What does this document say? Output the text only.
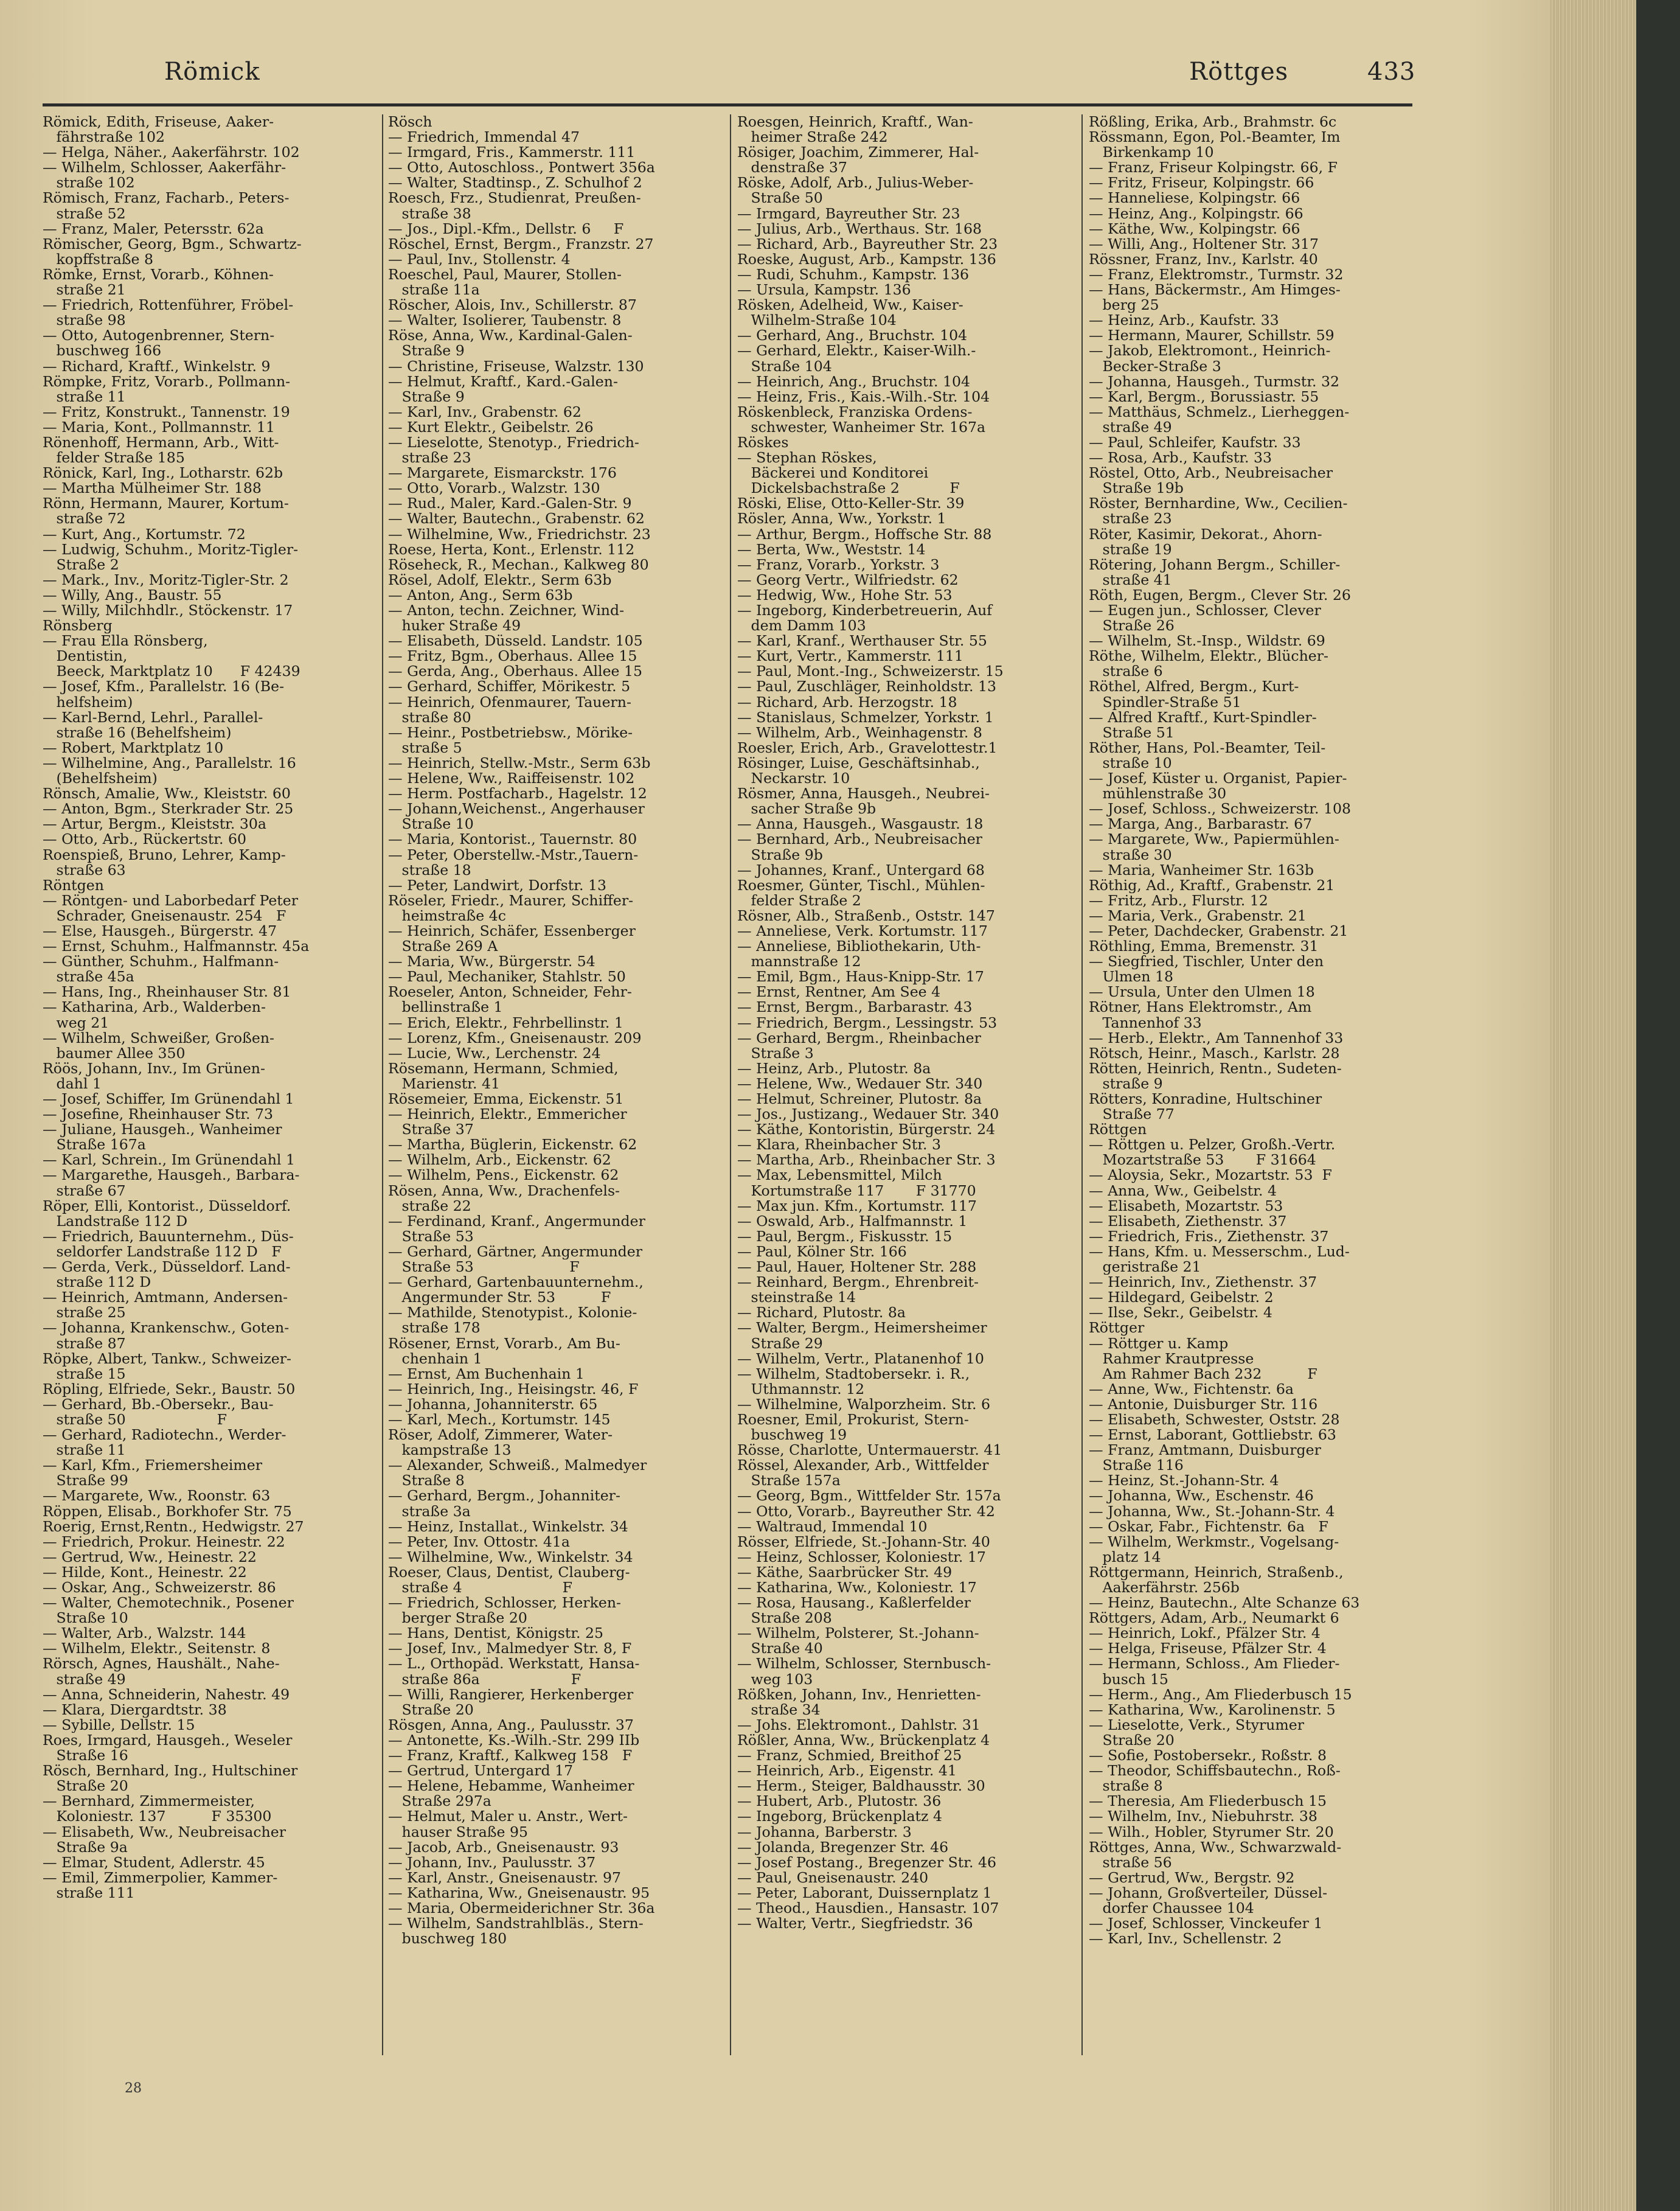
Römick	Röttges	433
Römick, Edith, Friseuse, Aaker-
fährstraße 102
— Helga, Näher., Aakerfährstr. 102
— Wilhelm, Schlosser, Aakerfähr-
straße 102
Römisch, Franz, Facharb., Peters-
straße 52
— Franz, Maler, Petersstr. 62a
Römischer, Georg, Bgm., Schwartz-
kopffstraße 8
Römke, Ernst, Vorarb., Köhnen-
straße 21
— Friedrich, Rottenführer, Fröbel-
straße 98
— Otto, Autogenbrenner, Stern-
buschweg 166
— Richard, Kraftf., Winkelstr. 9
Römpke, Fritz, Vorarb., Pollmann-
straße 11
— Fritz, Konstrukt., Tannenstr. 19
— Maria, Kont., Pollmannstr. 11
Rönenhoff, Hermann, Arb., Witt-
felder Straße 185
Rönick, Karl, Ing., Lotharstr. 62b
— Martha Mülheimer Str. 188
Rönn, Hermann, Maurer, Kortum-
straße 72
— Kurt, Ang., Kortumstr. 72
— Ludwig, Schuhm., Moritz-Tigler-
Straße 2
— Mark., Inv., Moritz-Tigler-Str. 2
— Willy, Ang., Baustr. 55
— Willy, Milchhdlr., Stöckenstr. 17
Rönsberg
— Frau Ella Rönsberg,
Dentistin,
Beeck, Marktplatz 10      F 42439
— Josef, Kfm., Parallelstr. 16 (Be-
helfsheim)
— Karl-Bernd, Lehrl., Parallel-
straße 16 (Behelfsheim)
— Robert, Marktplatz 10
— Wilhelmine, Ang., Parallelstr. 16
(Behelfsheim)
Rönsch, Amalie, Ww., Kleiststr. 60
— Anton, Bgm., Sterkrader Str. 25
— Artur, Bergm., Kleiststr. 30a
— Otto, Arb., Rückertstr. 60
Roenspieß, Bruno, Lehrer, Kamp-
straße 63
Röntgen
— Röntgen- und Laborbedarf Peter
Schrader, Gneisenaustr. 254   F
— Else, Hausgeh., Bürgerstr. 47
— Ernst, Schuhm., Halfmannstr. 45a
— Günther, Schuhm., Halfmann-
straße 45a
— Hans, Ing., Rheinhauser Str. 81
— Katharina, Arb., Walderben-
weg 21
— Wilhelm, Schweißer, Großen-
baumer Allee 350
Röös, Johann, Inv., Im Grünen-
dahl 1
— Josef, Schiffer, Im Grünendahl 1
— Josefine, Rheinhauser Str. 73
— Juliane, Hausgeh., Wanheimer
Straße 167a
— Karl, Schrein., Im Grünendahl 1
— Margarethe, Hausgeh., Barbara-
straße 67
Röper, Elli, Kontorist., Düsseldorf.
Landstraße 112 D
— Friedrich, Bauunternehm., Düs-
seldorfer Landstraße 112 D   F
— Gerda, Verk., Düsseldorf. Land-
straße 112 D
— Heinrich, Amtmann, Andersen-
straße 25
— Johanna, Krankenschw., Goten-
straße 87
Röpke, Albert, Tankw., Schweizer-
straße 15
Röpling, Elfriede, Sekr., Baustr. 50
— Gerhard, Bb.-Obersekr., Bau-
straße 50                    F
— Gerhard, Radiotechn., Werder-
straße 11
— Karl, Kfm., Friemersheimer
Straße 99
— Margarete, Ww., Roonstr. 63
Röppen, Elisab., Borkhofer Str. 75
Roerig, Ernst,Rentn., Hedwigstr. 27
— Friedrich, Prokur. Heinestr. 22
— Gertrud, Ww., Heinestr. 22
— Hilde, Kont., Heinestr. 22
— Oskar, Ang., Schweizerstr. 86
— Walter, Chemotechnik., Posener
Straße 10
— Walter, Arb., Walzstr. 144
— Wilhelm, Elektr., Seitenstr. 8
Rörsch, Agnes, Haushält., Nahe-
straße 49
— Anna, Schneiderin, Nahestr. 49
— Klara, Diergardtstr. 38
— Sybille, Dellstr. 15
Roes, Irmgard, Hausgeh., Weseler
Straße 16
Rösch, Bernhard, Ing., Hultschiner
Straße 20
— Bernhard, Zimmermeister,
Koloniestr. 137          F 35300
— Elisabeth, Ww., Neubreisacher
Straße 9a
— Elmar, Student, Adlerstr. 45
— Emil, Zimmerpolier, Kammer-
straße 111
Rösch
— Friedrich, Immendal 47
— Irmgard, Fris., Kammerstr. 111
— Otto, Autoschloss., Pontwert 356a
— Walter, Stadtinsp., Z. Schulhof 2
Roesch, Frz., Studienrat, Preußen-
straße 38
— Jos., Dipl.-Kfm., Dellstr. 6     F
Röschel, Ernst, Bergm., Franzstr. 27
— Paul, Inv., Stollenstr. 4
Roeschel, Paul, Maurer, Stollen-
straße 11a
Röscher, Alois, Inv., Schillerstr. 87
— Walter, Isolierer, Taubenstr. 8
Röse, Anna, Ww., Kardinal-Galen-
Straße 9
— Christine, Friseuse, Walzstr. 130
— Helmut, Kraftf., Kard.-Galen-
Straße 9
— Karl, Inv., Grabenstr. 62
— Kurt Elektr., Geibelstr. 26
— Lieselotte, Stenotyp., Friedrich-
straße 23
— Margarete, Eismarckstr. 176
— Otto, Vorarb., Walzstr. 130
— Rud., Maler, Kard.-Galen-Str. 9
— Walter, Bautechn., Grabenstr. 62
— Wilhelmine, Ww., Friedrichstr. 23
Roese, Herta, Kont., Erlenstr. 112
Röseheck, R., Mechan., Kalkweg 80
Rösel, Adolf, Elektr., Serm 63b
— Anton, Ang., Serm 63b
— Anton, techn. Zeichner, Wind-
huker Straße 49
— Elisabeth, Düsseld. Landstr. 105
— Fritz, Bgm., Oberhaus. Allee 15
— Gerda, Ang., Oberhaus. Allee 15
— Gerhard, Schiffer, Mörikestr. 5
— Heinrich, Ofenmaurer, Tauern-
straße 80
— Heinr., Postbetriebsw., Mörike-
straße 5
— Heinrich, Stellw.-Mstr., Serm 63b
— Helene, Ww., Raiffeisenstr. 102
— Herm. Postfacharb., Hagelstr. 12
— Johann,Weichenst., Angerhauser
Straße 10
— Maria, Kontorist., Tauernstr. 80
— Peter, Oberstellw.-Mstr.,Tauern-
straße 18
— Peter, Landwirt, Dorfstr. 13
Röseler, Friedr., Maurer, Schiffer-
heimstraße 4c
— Heinrich, Schäfer, Essenberger
Straße 269 A
— Maria, Ww., Bürgerstr. 54
— Paul, Mechaniker, Stahlstr. 50
Roeseler, Anton, Schneider, Fehr-
bellinstraße 1
— Erich, Elektr., Fehrbellinstr. 1
— Lorenz, Kfm., Gneisenaustr. 209
— Lucie, Ww., Lerchenstr. 24
Rösemann, Hermann, Schmied,
Marienstr. 41
Rösemeier, Emma, Eickenstr. 51
— Heinrich, Elektr., Emmericher
Straße 37
— Martha, Büglerin, Eickenstr. 62
— Wilhelm, Arb., Eickenstr. 62
— Wilhelm, Pens., Eickenstr. 62
Rösen, Anna, Ww., Drachenfels-
straße 22
— Ferdinand, Kranf., Angermunder
Straße 53
— Gerhard, Gärtner, Angermunder
Straße 53                     F
— Gerhard, Gartenbauunternehm.,
Angermunder Str. 53          F
— Mathilde, Stenotypist., Kolonie-
straße 178
Rösener, Ernst, Vorarb., Am Bu-
chenhain 1
— Ernst, Am Buchenhain 1
— Heinrich, Ing., Heisingstr. 46, F
— Johanna, Johanniterstr. 65
— Karl, Mech., Kortumstr. 145
Röser, Adolf, Zimmerer, Water-
kampstraße 13
— Alexander, Schweiß., Malmedyer
Straße 8
— Gerhard, Bergm., Johanniter-
straße 3a
— Heinz, Installat., Winkelstr. 34
— Peter, Inv. Ottostr. 41a
— Wilhelmine, Ww., Winkelstr. 34
Roeser, Claus, Dentist, Clauberg-
straße 4                      F
— Friedrich, Schlosser, Herken-
berger Straße 20
— Hans, Dentist, Königstr. 25
— Josef, Inv., Malmedyer Str. 8, F
— L., Orthopäd. Werkstatt, Hansa-
straße 86a                    F
— Willi, Rangierer, Herkenberger
Straße 20
Rösgen, Anna, Ang., Paulusstr. 37
— Antonette, Ks.-Wilh.-Str. 299 IIb
— Franz, Kraftf., Kalkweg 158   F
— Gertrud, Untergard 17
— Helene, Hebamme, Wanheimer
Straße 297a
— Helmut, Maler u. Anstr., Wert-
hauser Straße 95
— Jacob, Arb., Gneisenaustr. 93
— Johann, Inv., Paulusstr. 37
— Karl, Anstr., Gneisenaustr. 97
— Katharina, Ww., Gneisenaustr. 95
— Maria, Obermeiderichner Str. 36a
— Wilhelm, Sandstrahlbläs., Stern-
buschweg 180
Roesgen, Heinrich, Kraftf., Wan-
heimer Straße 242
Rösiger, Joachim, Zimmerer, Hal-
denstraße 37
Röske, Adolf, Arb., Julius-Weber-
Straße 50
— Irmgard, Bayreuther Str. 23
— Julius, Arb., Werthaus. Str. 168
— Richard, Arb., Bayreuther Str. 23
Roeske, August, Arb., Kampstr. 136
— Rudi, Schuhm., Kampstr. 136
— Ursula, Kampstr. 136
Rösken, Adelheid, Ww., Kaiser-
Wilhelm-Straße 104
— Gerhard, Ang., Bruchstr. 104
— Gerhard, Elektr., Kaiser-Wilh.-
Straße 104
— Heinrich, Ang., Bruchstr. 104
— Heinz, Fris., Kais.-Wilh.-Str. 104
Röskenbleck, Franziska Ordens-
schwester, Wanheimer Str. 167a
Röskes
— Stephan Röskes,
Bäckerei und Konditorei
Dickelsbachstraße 2           F
Röski, Elise, Otto-Keller-Str. 39
Rösler, Anna, Ww., Yorkstr. 1
— Arthur, Bergm., Hoffsche Str. 88
— Berta, Ww., Weststr. 14
— Franz, Vorarb., Yorkstr. 3
— Georg Vertr., Wilfriedstr. 62
— Hedwig, Ww., Hohe Str. 53
— Ingeborg, Kinderbetreuerin, Auf
dem Damm 103
— Karl, Kranf., Werthauser Str. 55
— Kurt, Vertr., Kammerstr. 111
— Paul, Mont.-Ing., Schweizerstr. 15
— Paul, Zuschläger, Reinholdstr. 13
— Richard, Arb. Herzogstr. 18
— Stanislaus, Schmelzer, Yorkstr. 1
— Wilhelm, Arb., Weinhagenstr. 8
Roesler, Erich, Arb., Gravelottestr.1
Rösinger, Luise, Geschäftsinhab.,
Neckarstr. 10
Rösmer, Anna, Hausgeh., Neubrei-
sacher Straße 9b
— Anna, Hausgeh., Wasgaustr. 18
— Bernhard, Arb., Neubreisacher
Straße 9b
— Johannes, Kranf., Untergard 68
Roesmer, Günter, Tischl., Mühlen-
felder Straße 2
Rösner, Alb., Straßenb., Oststr. 147
— Anneliese, Verk. Kortumstr. 117
— Anneliese, Bibliothekarin, Uth-
mannstraße 12
— Emil, Bgm., Haus-Knipp-Str. 17
— Ernst, Rentner, Am See 4
— Ernst, Bergm., Barbarastr. 43
— Friedrich, Bergm., Lessingstr. 53
— Gerhard, Bergm., Rheinbacher
Straße 3
— Heinz, Arb., Plutostr. 8a
— Helene, Ww., Wedauer Str. 340
— Helmut, Schreiner, Plutostr. 8a
— Jos., Justizang., Wedauer Str. 340
— Käthe, Kontoristin, Bürgerstr. 24
— Klara, Rheinbacher Str. 3
— Martha, Arb., Rheinbacher Str. 3
— Max, Lebensmittel, Milch
Kortumstraße 117       F 31770
— Max jun. Kfm., Kortumstr. 117
— Oswald, Arb., Halfmannstr. 1
— Paul, Bergm., Fiskusstr. 15
— Paul, Kölner Str. 166
— Paul, Hauer, Holtener Str. 288
— Reinhard, Bergm., Ehrenbreit-
steinstraße 14
— Richard, Plutostr. 8a
— Walter, Bergm., Heimersheimer
Straße 29
— Wilhelm, Vertr., Platanenhof 10
— Wilhelm, Stadtobersekr. i. R.,
Uthmannstr. 12
— Wilhelmine, Walporzheim. Str. 6
Roesner, Emil, Prokurist, Stern-
buschweg 19
Rösse, Charlotte, Untermauerstr. 41
Rössel, Alexander, Arb., Wittfelder
Straße 157a
— Georg, Bgm., Wittfelder Str. 157a
— Otto, Vorarb., Bayreuther Str. 42
— Waltraud, Immendal 10
Rösser, Elfriede, St.-Johann-Str. 40
— Heinz, Schlosser, Koloniestr. 17
— Käthe, Saarbrücker Str. 49
— Katharina, Ww., Koloniestr. 17
— Rosa, Hausang., Kaßlerfelder
Straße 208
— Wilhelm, Polsterer, St.-Johann-
Straße 40
— Wilhelm, Schlosser, Sternbusch-
weg 103
Rößken, Johann, Inv., Henrietten-
straße 34
— Johs. Elektromont., Dahlstr. 31
Rößler, Anna, Ww., Brückenplatz 4
— Franz, Schmied, Breithof 25
— Heinrich, Arb., Eigenstr. 41
— Herm., Steiger, Baldhausstr. 30
— Hubert, Arb., Plutostr. 36
— Ingeborg, Brückenplatz 4
— Johanna, Barberstr. 3
— Jolanda, Bregenzer Str. 46
— Josef Postang., Bregenzer Str. 46
— Paul, Gneisenaustr. 240
— Peter, Laborant, Duissernplatz 1
— Theod., Hausdien., Hansastr. 107
— Walter, Vertr., Siegfriedstr. 36
Rößling, Erika, Arb., Brahmstr. 6c
Rössmann, Egon, Pol.-Beamter, Im
Birkenkamp 10
— Franz, Friseur Kolpingstr. 66, F
— Fritz, Friseur, Kolpingstr. 66
— Hanneliese, Kolpingstr. 66
— Heinz, Ang., Kolpingstr. 66
— Käthe, Ww., Kolpingstr. 66
— Willi, Ang., Holtener Str. 317
Rössner, Franz, Inv., Karlstr. 40
— Franz, Elektromstr., Turmstr. 32
— Hans, Bäckermstr., Am Himges-
berg 25
— Heinz, Arb., Kaufstr. 33
— Hermann, Maurer, Schillstr. 59
— Jakob, Elektromont., Heinrich-
Becker-Straße 3
— Johanna, Hausgeh., Turmstr. 32
— Karl, Bergm., Borussiastr. 55
— Matthäus, Schmelz., Lierheggen-
straße 49
— Paul, Schleifer, Kaufstr. 33
— Rosa, Arb., Kaufstr. 33
Röstel, Otto, Arb., Neubreisacher
Straße 19b
Röster, Bernhardine, Ww., Cecilien-
straße 23
Röter, Kasimir, Dekorat., Ahorn-
straße 19
Rötering, Johann Bergm., Schiller-
straße 41
Röth, Eugen, Bergm., Clever Str. 26
— Eugen jun., Schlosser, Clever
Straße 26
— Wilhelm, St.-Insp., Wildstr. 69
Röthe, Wilhelm, Elektr., Blücher-
straße 6
Röthel, Alfred, Bergm., Kurt-
Spindler-Straße 51
— Alfred Kraftf., Kurt-Spindler-
Straße 51
Röther, Hans, Pol.-Beamter, Teil-
straße 10
— Josef, Küster u. Organist, Papier-
mühlenstraße 30
— Josef, Schloss., Schweizerstr. 108
— Marga, Ang., Barbarastr. 67
— Margarete, Ww., Papiermühlen-
straße 30
— Maria, Wanheimer Str. 163b
Röthig, Ad., Kraftf., Grabenstr. 21
— Fritz, Arb., Flurstr. 12
— Maria, Verk., Grabenstr. 21
— Peter, Dachdecker, Grabenstr. 21
Röthling, Emma, Bremenstr. 31
— Siegfried, Tischler, Unter den
Ulmen 18
— Ursula, Unter den Ulmen 18
Rötner, Hans Elektromstr., Am
Tannenhof 33
— Herb., Elektr., Am Tannenhof 33
Rötsch, Heinr., Masch., Karlstr. 28
Rötten, Heinrich, Rentn., Sudeten-
straße 9
Rötters, Konradine, Hultschiner
Straße 77
Röttgen
— Röttgen u. Pelzer, Großh.-Vertr.
Mozartstraße 53       F 31664
— Aloysia, Sekr., Mozartstr. 53  F
— Anna, Ww., Geibelstr. 4
— Elisabeth, Mozartstr. 53
— Elisabeth, Ziethenstr. 37
— Friedrich, Fris., Ziethenstr. 37
— Hans, Kfm. u. Messerschm., Lud-
geristraße 21
— Heinrich, Inv., Ziethenstr. 37
— Hildegard, Geibelstr. 2
— Ilse, Sekr., Geibelstr. 4
Röttger
— Röttger u. Kamp
Rahmer Krautpresse
Am Rahmer Bach 232          F
— Anne, Ww., Fichtenstr. 6a
— Antonie, Duisburger Str. 116
— Elisabeth, Schwester, Oststr. 28
— Ernst, Laborant, Gottliebstr. 63
— Franz, Amtmann, Duisburger
Straße 116
— Heinz, St.-Johann-Str. 4
— Johanna, Ww., Eschenstr. 46
— Johanna, Ww., St.-Johann-Str. 4
— Oskar, Fabr., Fichtenstr. 6a   F
— Wilhelm, Werkmstr., Vogelsang-
platz 14
Röttgermann, Heinrich, Straßenb.,
Aakerfährstr. 256b
— Heinz, Bautechn., Alte Schanze 63
Röttgers, Adam, Arb., Neumarkt 6
— Heinrich, Lokf., Pfälzer Str. 4
— Helga, Friseuse, Pfälzer Str. 4
— Hermann, Schloss., Am Flieder-
busch 15
— Herm., Ang., Am Fliederbusch 15
— Katharina, Ww., Karolinenstr. 5
— Lieselotte, Verk., Styrumer
Straße 20
— Sofie, Postobersekr., Roßstr. 8
— Theodor, Schiffsbautechn., Roß-
straße 8
— Theresia, Am Fliederbusch 15
— Wilhelm, Inv., Niebuhrstr. 38
— Wilh., Hobler, Styrumer Str. 20
Röttges, Anna, Ww., Schwarzwald-
straße 56
— Gertrud, Ww., Bergstr. 92
— Johann, Großverteiler, Düssel-
dorfer Chaussee 104
— Josef, Schlosser, Vinckeufer 1
— Karl, Inv., Schellenstr. 2
28
